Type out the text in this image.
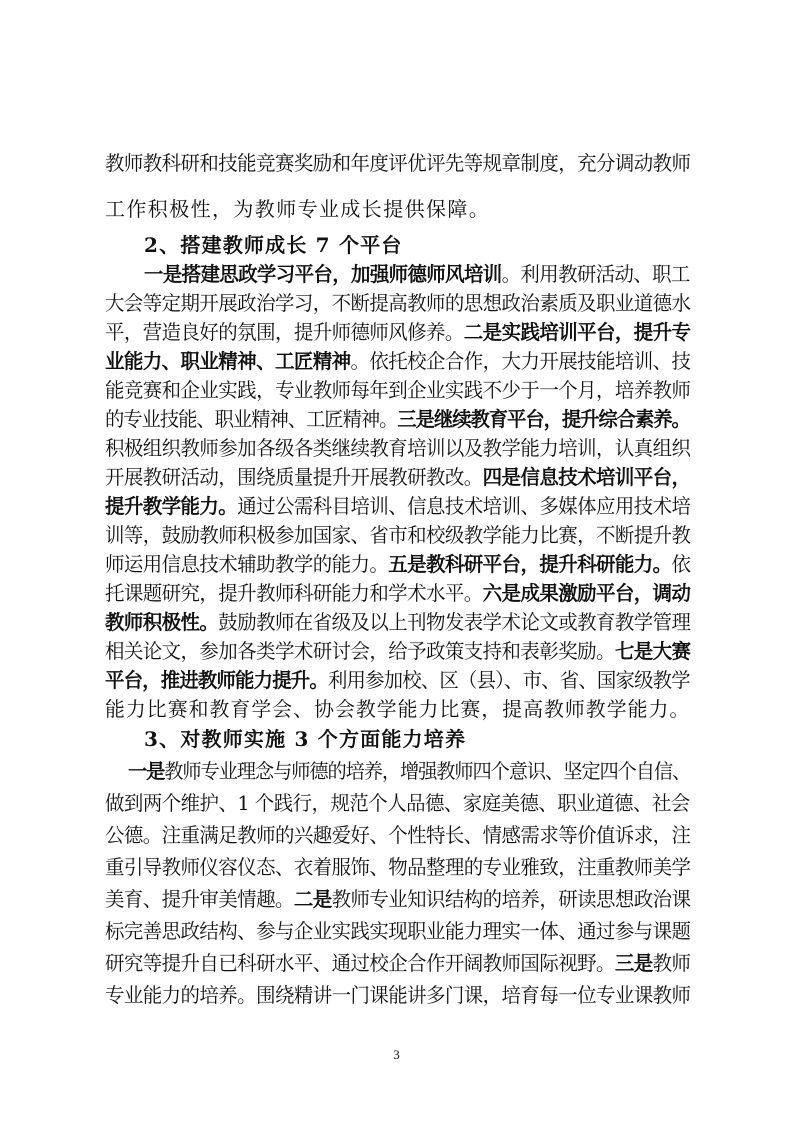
教师教科研和技能竞赛奖励和年度评优评先等规章制度，充分调动教师
工作积极性，为教师专业成长提供保障。
2、搭建教师成长 7 个平台
一是搭建思政学习平台，加强师德师风培训。利用教研活动、职工
大会等定期开展政治学习，不断提高教师的思想政治素质及职业道德水
平，营造良好的氛围，提升师德师风修养。二是实践培训平台，提升专
业能力、职业精神、工匠精神。依托校企合作，大力开展技能培训、技
能竞赛和企业实践，专业教师每年到企业实践不少于一个月，培养教师
的专业技能、职业精神、工匠精神。三是继续教育平台，提升综合素养。
积极组织教师参加各级各类继续教育培训以及教学能力培训，认真组织
开展教研活动，围绕质量提升开展教研教改。四是信息技术培训平台，
提升教学能力。通过公需科目培训、信息技术培训、多媒体应用技术培
训等，鼓励教师积极参加国家、省市和校级教学能力比赛，不断提升教
师运用信息技术辅助教学的能力。五是教科研平台，提升科研能力。依
托课题研究，提升教师科研能力和学术水平。六是成果激励平台，调动
教师积极性。鼓励教师在省级及以上刊物发表学术论文或教育教学管理
相关论文，参加各类学术研讨会，给予政策支持和表彰奖励。七是大赛
平台，推进教师能力提升。利用参加校、区（县）、市、省、国家级教学
能力比赛和教育学会、协会教学能力比赛，提高教师教学能力。
3、对教师实施 3 个方面能力培养
一是教师专业理念与师德的培养，增强教师四个意识、坚定四个自信、
做到两个维护、1 个践行，规范个人品德、家庭美德、职业道德、社会
公德。注重满足教师的兴趣爱好、个性特长、情感需求等价值诉求，注
重引导教师仪容仪态、衣着服饰、物品整理的专业雅致，注重教师美学
美育、提升审美情趣。二是教师专业知识结构的培养，研读思想政治课
标完善思政结构、参与企业实践实现职业能力理实一体、通过参与课题
研究等提升自已科研水平、通过校企合作开阔教师国际视野。三是教师
专业能力的培养。围绕精讲一门课能讲多门课，培育每一位专业课教师
3
